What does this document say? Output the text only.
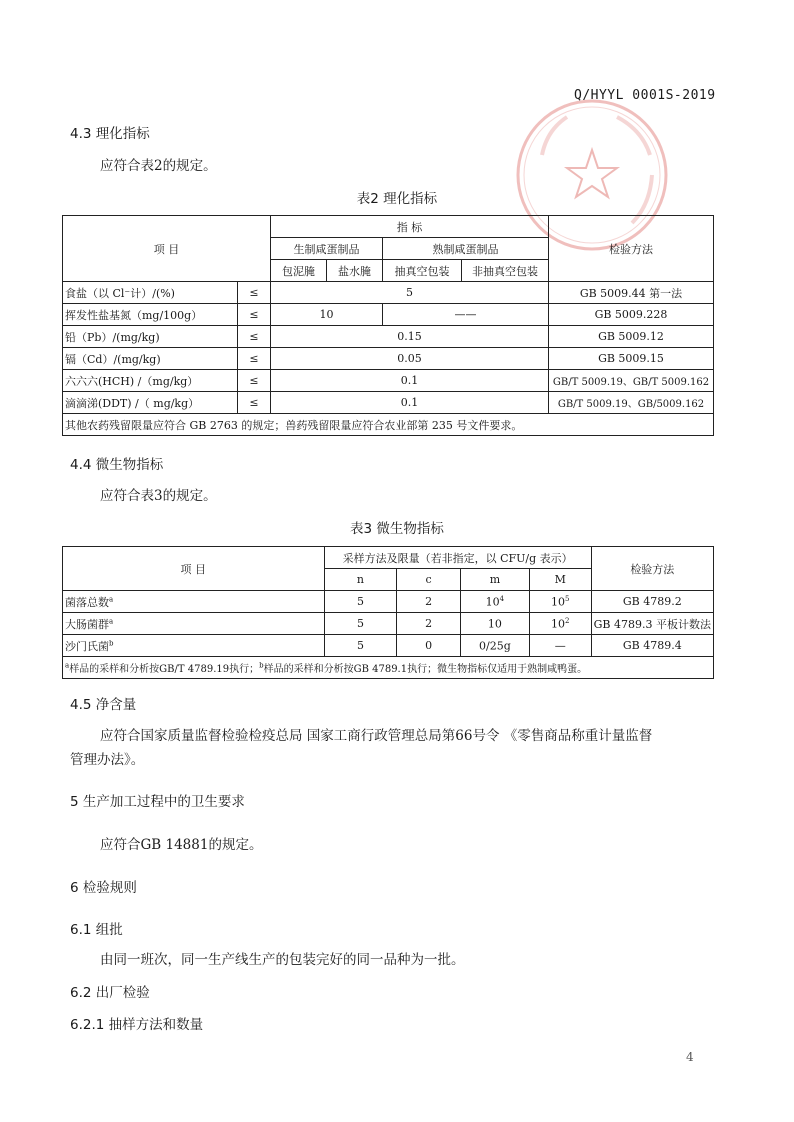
Q/HYYL 0001S-2019
4.3 理化指标
应符合表2的规定。
表2 理化指标
项 目		指 标				检验方法
		生制咸蛋制品		熟制咸蛋制品		
		包泥腌	盐水腌	抽真空包装	非抽真空包装	
食盐（以 Cl⁻计）/(%)	≤	5				GB 5009.44 第一法
挥发性盐基氮（mg/100g）	≤	10		——		GB 5009.228
铅（Pb）/(mg/kg)	≤	0.15				GB 5009.12
镉（Cd）/(mg/kg)	≤	0.05				GB 5009.15
六六六(HCH) /（mg/kg）	≤	0.1				GB/T 5009.19、GB/T 5009.162
滴滴涕(DDT) /（ mg/kg）	≤	0.1				GB/T 5009.19、GB/5009.162
其他农药残留限量应符合 GB 2763 的规定；兽药残留限量应符合农业部第 235 号文件要求。						
4.4 微生物指标
应符合表3的规定。
表3 微生物指标
项 目	采样方法及限量（若非指定，以 CFU/g 表示）				检验方法
	n	c	m	M	
菌落总数$^a$	5	2	$10^4$	$10^5$	GB 4789.2
大肠菌群$^a$	5	2	10	$10^2$	GB 4789.3 平板计数法
沙门氏菌$^b$	5	0	0/25g	—	GB 4789.4
$^a$样品的采样和分析按GB/T 4789.19执行；$^b$样品的采样和分析按GB 4789.1执行；微生物指标仅适用于熟制咸鸭蛋。					
4.5 净含量
应符合国家质量监督检验检疫总局 国家工商行政管理总局第66号令 《零售商品称重计量监督
管理办法》。
5 生产加工过程中的卫生要求
应符合GB 14881的规定。
6 检验规则
6.1 组批
由同一班次，同一生产线生产的包装完好的同一品种为一批。
6.2 出厂检验
6.2.1 抽样方法和数量
4
